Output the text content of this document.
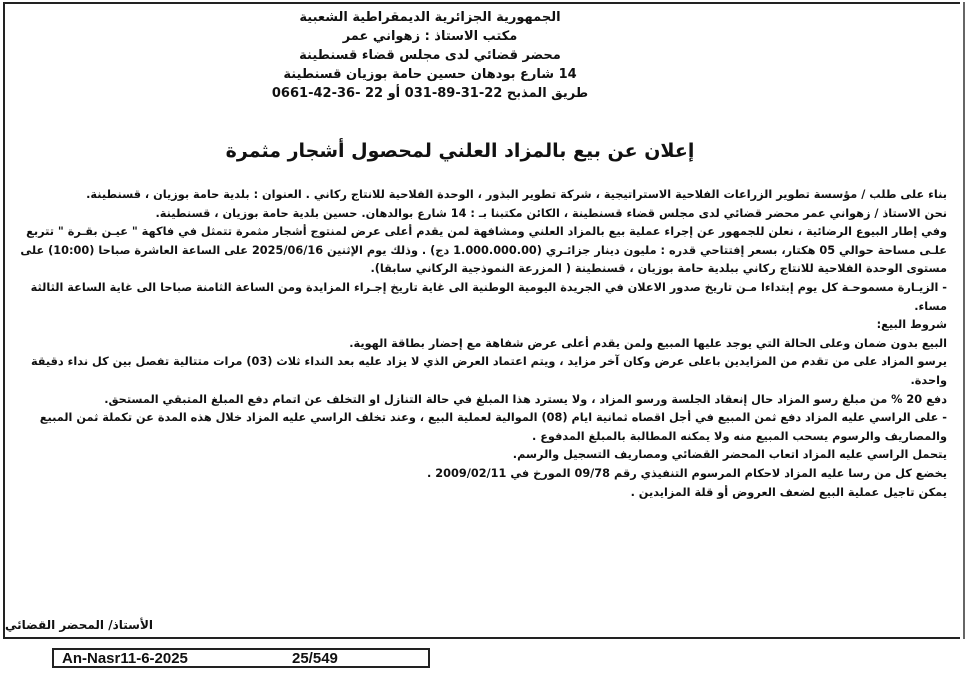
الجمهورية الجزائرية الديمقراطية الشعبية
مكتب الاستاذ : زهواني عمر
محضر قضائي لدى مجلس قضاء قسنطينة
14 شارع بودهان حسين حامة بوزيان قسنطينة
طريق المذبح 22-31-89-031 أو 22 -36-42-0661
إعلان عن بيع بالمزاد العلني لمحصول أشجار مثمرة

بناء على طلب / مؤسسة تطوير الزراعات الفلاحية الاستراتيجية ، شركة تطوير البذور ، الوحدة الفلاحية للانتاج ركاني . العنوان : بلدية حامة بوزيان ، قسنطينة.

نحن الاستاذ / زهواني عمر محضر قضائي لدى مجلس قضاء قسنطينة ، الكائن مكتبنا بـ : 14 شارع بوالدهان. حسين بلدية حامة بوزيان ، قسنطينة.

وفي إطار البيوع الرضائية ، نعلن للجمهور عن إجراء عملية بيع بالمزاد العلني ومشافهة لمن يقدم أعلى عرض لمنتوج أشجار مثمرة تتمثل في فاكهة " عيـن بقـرة " تتربع علـى مساحة حوالي 05 هكتار، بسعر إفتتاحي قدره : مليون دينار جزائـري (1.000.000.00 دج) . وذلك يوم الإثنين 2025/06/16 على الساعة العاشرة صباحا (10:00) على مستوى الوحدة الفلاحية للانتاج ركاني ببلدية حامة بوزيان ، قسنطينة ( المزرعة النموذجية الركاني سابقا).

- الزيـارة مسموحـة كل يوم إبتداءا مـن تاريخ صدور الاعلان في الجريدة اليومية الوطنية الى غاية تاريخ إجـراء المزايدة ومن الساعة الثامنة صباحا الى غاية الساعة الثالثة مساء.

شروط البيع:

البيع بدون ضمان وعلى الحالة التي يوجد عليها المبيع ولمن يقدم أعلى عرض شفاهة مع إحضار بطاقة الهوية.

يرسو المزاد على من تقدم من المزايدين باعلى عرض وكان آخر مزايد ، ويتم اعتماد العرض الذي لا يزاد عليه بعد النداء ثلاث (03) مرات متتالية تفصل بين كل نداء دقيقة واحدة.

دفع 20 % من مبلغ رسو المزاد حال إنعقاد الجلسة ورسو المزاد ، ولا يسترد هذا المبلغ في حالة التنازل او التخلف عن اتمام دفع المبلغ المتبقي المستحق.

- على الراسي عليه المزاد دفع ثمن المبيع في أجل اقصاه ثمانية ايام (08) الموالية لعملية البيع ، وعند تخلف الراسي عليه المزاد خلال هذه المدة عن تكملة ثمن المبيع والمصاريف والرسوم يسحب المبيع منه ولا يمكنه المطالبة بالمبلغ المدفوع .

يتحمل الراسي عليه المزاد اتعاب المحضر القضائي ومصاريف التسجيل والرسم.

يخضع كل من رسا عليه المزاد لاحكام المرسوم التنفيذي رقم 09/78 المورخ في 2009/02/11 .

يمكن تاجيل عملية البيع لضعف العروض أو قلة المزايدين .

الأستاذ/ المحضر القضائي
An-Nasr11-6-2025	25/549
